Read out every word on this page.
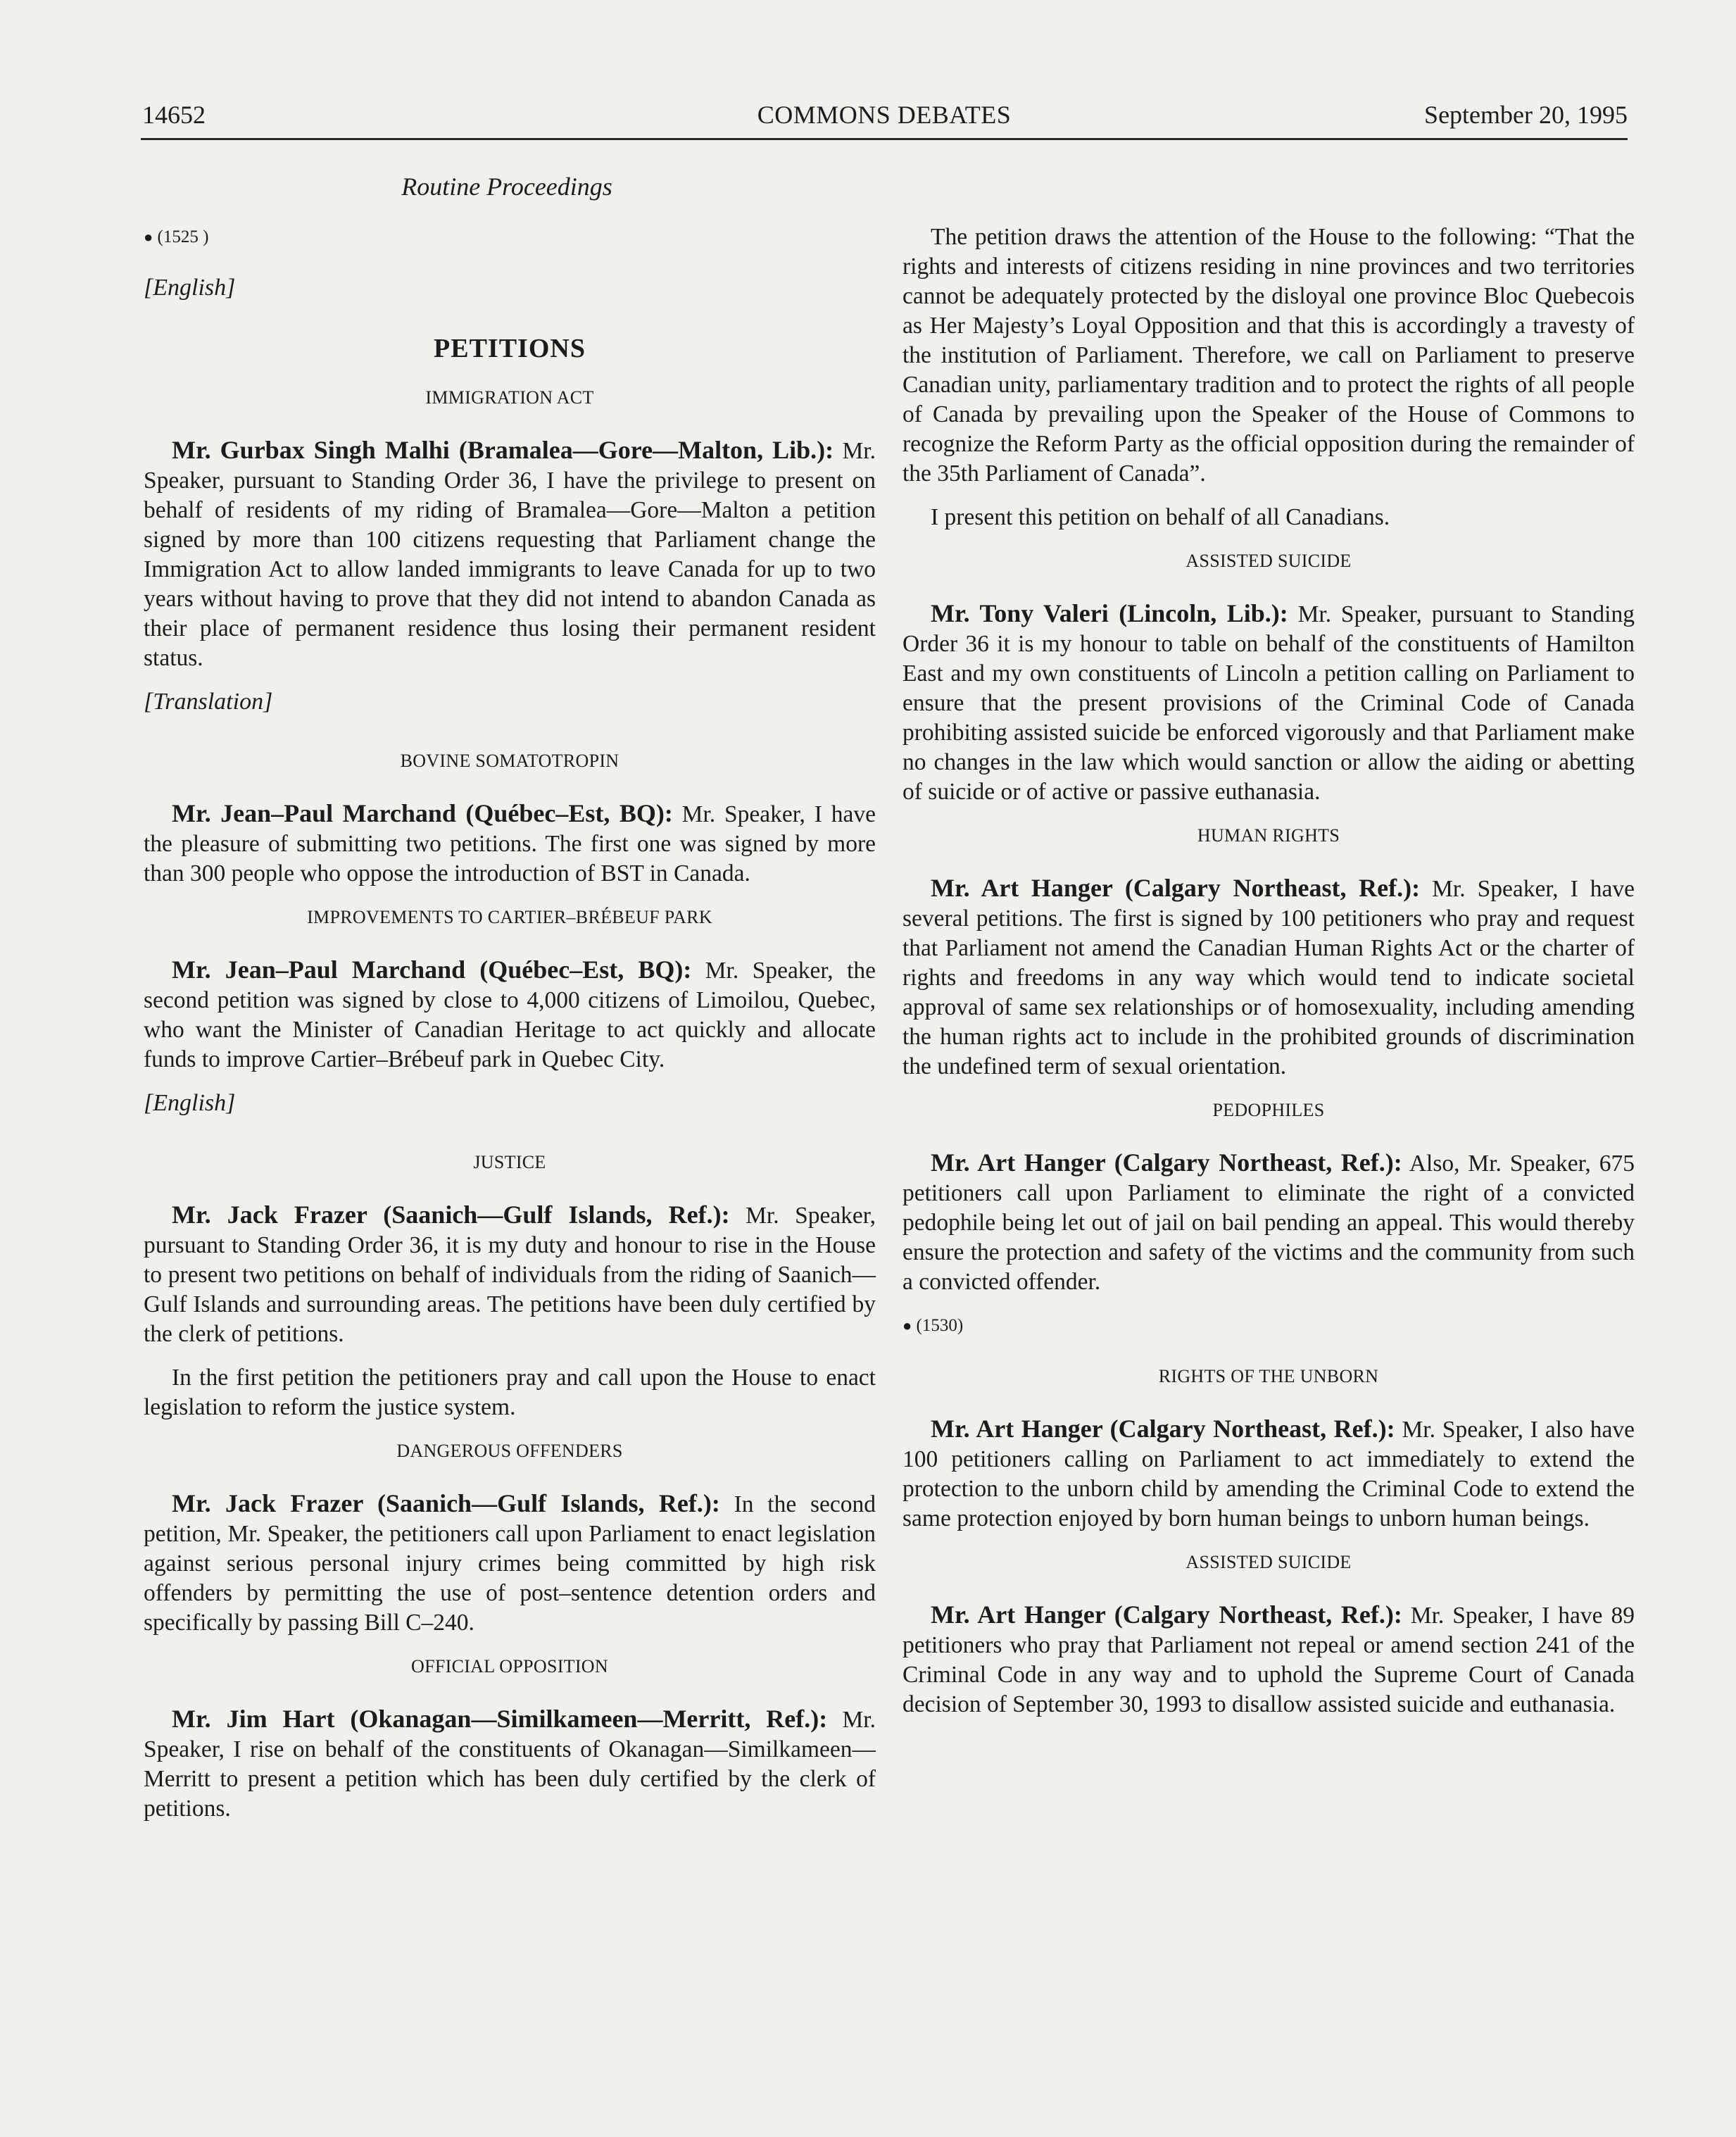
14652	COMMONS DEBATES	September 20, 1995
Routine Proceedings
● (1525 )
[English]
PETITIONS
IMMIGRATION ACT

Mr. Gurbax Singh Malhi (Bramalea—Gore—Malton, Lib.): Mr. Speaker, pursuant to Standing Order 36, I have the privilege to present on behalf of residents of my riding of Bramalea—Gore—Malton a petition signed by more than 100 citizens requesting that Parliament change the Immigration Act to allow landed immigrants to leave Canada for up to two years without having to prove that they did not intend to abandon Canada as their place of permanent residence thus losing their permanent resident status.

[Translation]
BOVINE SOMATOTROPIN

Mr. Jean–Paul Marchand (Québec–Est, BQ): Mr. Speaker, I have the pleasure of submitting two petitions. The first one was signed by more than 300 people who oppose the introduction of BST in Canada.

IMPROVEMENTS TO CARTIER–BRÉBEUF PARK

Mr. Jean–Paul Marchand (Québec–Est, BQ): Mr. Speaker, the second petition was signed by close to 4,000 citizens of Limoilou, Quebec, who want the Minister of Canadian Heritage to act quickly and allocate funds to improve Cartier–Brébeuf park in Quebec City.

[English]
JUSTICE

Mr. Jack Frazer (Saanich—Gulf Islands, Ref.): Mr. Speaker, pursuant to Standing Order 36, it is my duty and honour to rise in the House to present two petitions on behalf of individuals from the riding of Saanich—Gulf Islands and surrounding areas. The petitions have been duly certified by the clerk of petitions.

In the first petition the petitioners pray and call upon the House to enact legislation to reform the justice system.

DANGEROUS OFFENDERS

Mr. Jack Frazer (Saanich—Gulf Islands, Ref.): In the second petition, Mr. Speaker, the petitioners call upon Parliament to enact legislation against serious personal injury crimes being committed by high risk offenders by permitting the use of post–sentence detention orders and specifically by passing Bill C–240.

OFFICIAL OPPOSITION

Mr. Jim Hart (Okanagan—Similkameen—Merritt, Ref.): Mr. Speaker, I rise on behalf of the constituents of Okanagan—Similkameen—Merritt to present a petition which has been duly certified by the clerk of petitions.

The petition draws the attention of the House to the following: “That the rights and interests of citizens residing in nine provinces and two territories cannot be adequately protected by the disloyal one province Bloc Quebecois as Her Majesty’s Loyal Opposition and that this is accordingly a travesty of the institution of Parliament. Therefore, we call on Parliament to preserve Canadian unity, parliamentary tradition and to protect the rights of all people of Canada by prevailing upon the Speaker of the House of Commons to recognize the Reform Party as the official opposition during the remainder of the 35th Parliament of Canada”.

I present this petition on behalf of all Canadians.

ASSISTED SUICIDE

Mr. Tony Valeri (Lincoln, Lib.): Mr. Speaker, pursuant to Standing Order 36 it is my honour to table on behalf of the constituents of Hamilton East and my own constituents of Lincoln a petition calling on Parliament to ensure that the present provisions of the Criminal Code of Canada prohibiting assisted suicide be enforced vigorously and that Parliament make no changes in the law which would sanction or allow the aiding or abetting of suicide or of active or passive euthanasia.

HUMAN RIGHTS

Mr. Art Hanger (Calgary Northeast, Ref.): Mr. Speaker, I have several petitions. The first is signed by 100 petitioners who pray and request that Parliament not amend the Canadian Human Rights Act or the charter of rights and freedoms in any way which would tend to indicate societal approval of same sex relationships or of homosexuality, including amending the human rights act to include in the prohibited grounds of discrimination the undefined term of sexual orientation.

PEDOPHILES

Mr. Art Hanger (Calgary Northeast, Ref.): Also, Mr. Speaker, 675 petitioners call upon Parliament to eliminate the right of a convicted pedophile being let out of jail on bail pending an appeal. This would thereby ensure the protection and safety of the victims and the community from such a convicted offender.

● (1530)
RIGHTS OF THE UNBORN

Mr. Art Hanger (Calgary Northeast, Ref.): Mr. Speaker, I also have 100 petitioners calling on Parliament to act immediately to extend the protection to the unborn child by amending the Criminal Code to extend the same protection enjoyed by born human beings to unborn human beings.

ASSISTED SUICIDE

Mr. Art Hanger (Calgary Northeast, Ref.): Mr. Speaker, I have 89 petitioners who pray that Parliament not repeal or amend section 241 of the Criminal Code in any way and to uphold the Supreme Court of Canada decision of September 30, 1993 to disallow assisted suicide and euthanasia.
